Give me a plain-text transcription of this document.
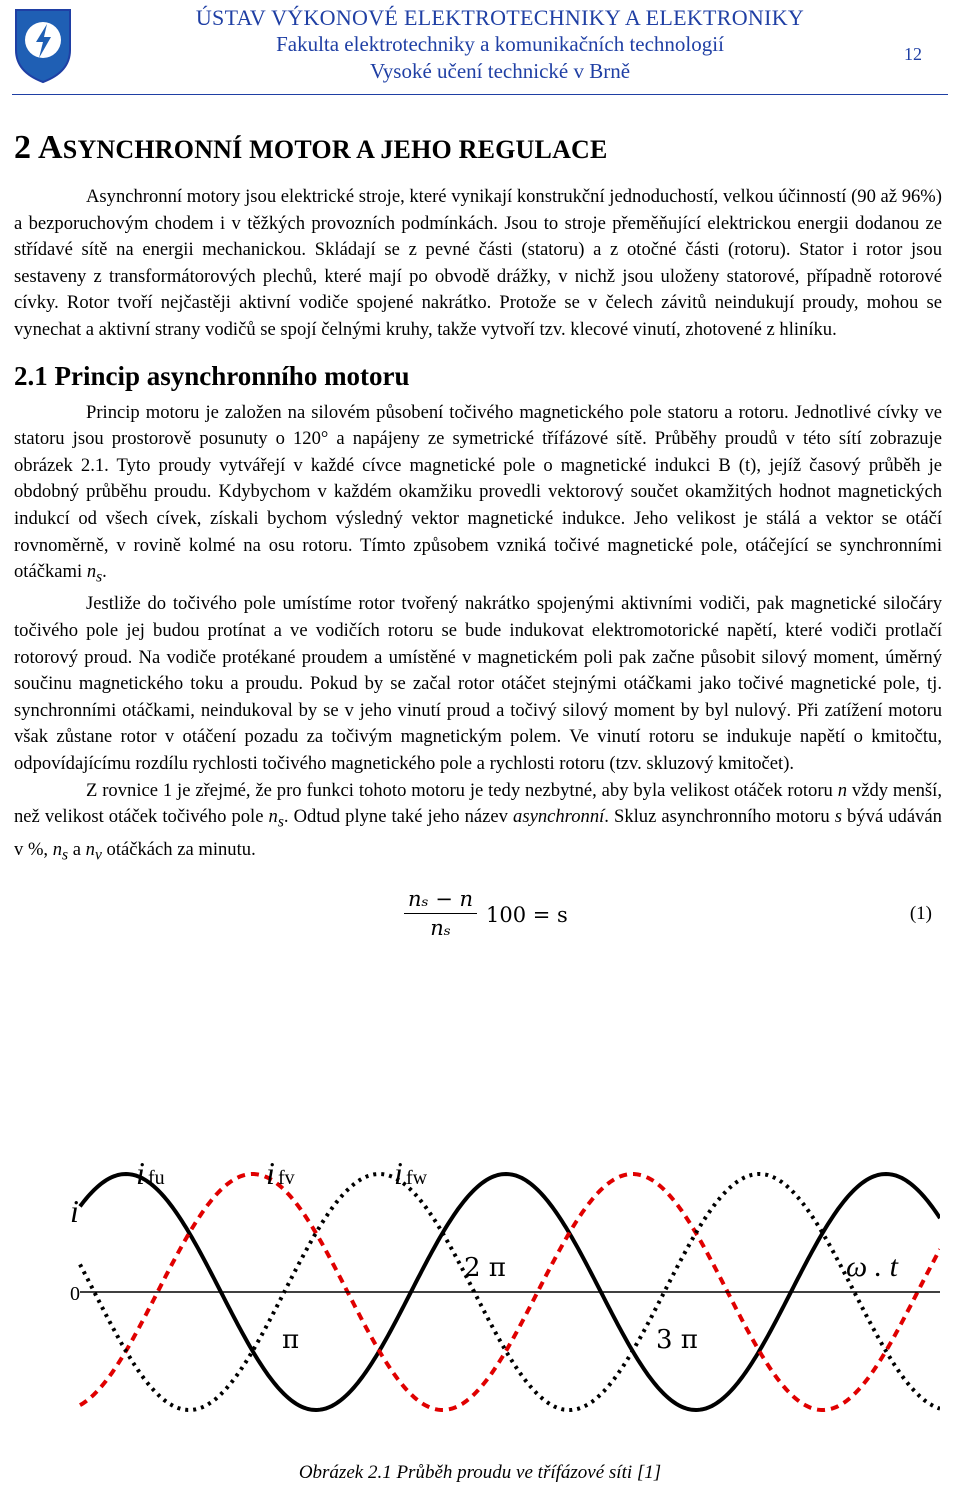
ÚSTAV VÝKONOVÉ ELEKTROTECHNIKY A ELEKTRONIKY
Fakulta elektrotechniky a komunikačních technologií
Vysoké učení technické v Brně
12
2 ASYNCHRONNÍ MOTOR A JEHO REGULACE

Asynchronní motory jsou elektrické stroje, které vynikají konstrukční jednoduchostí, velkou účinností (90 až 96%) a bezporuchovým chodem i v těžkých provozních podmínkách. Jsou to stroje přeměňující elektrickou energii dodanou ze střídavé sítě na energii mechanickou. Skládají se z pevné části (statoru) a z otočné části (rotoru). Stator i rotor jsou sestaveny z transformátorových plechů, které mají po obvodě drážky, v nichž jsou uloženy statorové, případně rotorové cívky. Rotor tvoří nejčastěji aktivní vodiče spojené nakrátko. Protože se v čelech závitů neindukují proudy, mohou se vynechat a aktivní strany vodičů se spojí čelnými kruhy, takže vytvoří tzv. klecové vinutí, zhotovené z hliníku.

2.1 Princip asynchronního motoru

Princip motoru je založen na silovém působení točivého magnetického pole statoru a rotoru. Jednotlivé cívky ve statoru jsou prostorově posunuty o 120° a napájeny ze symetrické třífázové sítě. Průběhy proudů v této sítí zobrazuje obrázek 2.1. Tyto proudy vytvářejí v každé cívce magnetické pole o magnetické indukci B (t), jejíž časový průběh je obdobný průběhu proudu. Kdybychom v každém okamžiku provedli vektorový součet okamžitých hodnot magnetických indukcí od všech cívek, získali bychom výsledný vektor magnetické indukce. Jeho velikost je stálá a vektor se otáčí rovnoměrně, v rovině kolmé na osu rotoru. Tímto způsobem vzniká točivé magnetické pole, otáčející se synchronními otáčkami $n_s$.

Jestliže do točivého pole umístíme rotor tvořený nakrátko spojenými aktivními vodiči, pak magnetické siločáry točivého pole jej budou protínat a ve vodičích rotoru se bude indukovat elektromotorické napětí, které vodiči protlačí rotorový proud. Na vodiče protékané proudem a umístěné v magnetickém poli pak začne působit silový moment, úměrný součinu magnetického toku a proudu. Pokud by se začal rotor otáčet stejnými otáčkami jako točivé magnetické pole, tj. synchronními otáčkami, neindukoval by se v jeho vinutí proud a točivý silový moment by byl nulový. Při zatížení motoru však zůstane rotor v otáčení pozadu za točivým magnetickým polem. Ve vinutí rotoru se indukuje napětí o kmitočtu, odpovídajícímu rozdílu rychlosti točivého magnetického pole a rychlosti rotoru (tzv. skluzový kmitočet).

Z rovnice 1 je zřejmé, že pro funkci tohoto motoru je tedy nezbytné, aby byla velikost otáček rotoru n vždy menší, než velikost otáček točivého pole $n_s$. Odtud plyne také jeho název asynchronní. Skluz asynchronního motoru s bývá udáván v %, $n_s$ a $n_v$ otáčkách za minutu.

$\frac{\text{nₛ − n}}{\text{nₛ}} 100 = s$	(1)
i
0
ω . t
π
2 π
3 π
i fu	i fv	i fw
Obrázek 2.1 Průběh proudu ve třífázové síti [1]
